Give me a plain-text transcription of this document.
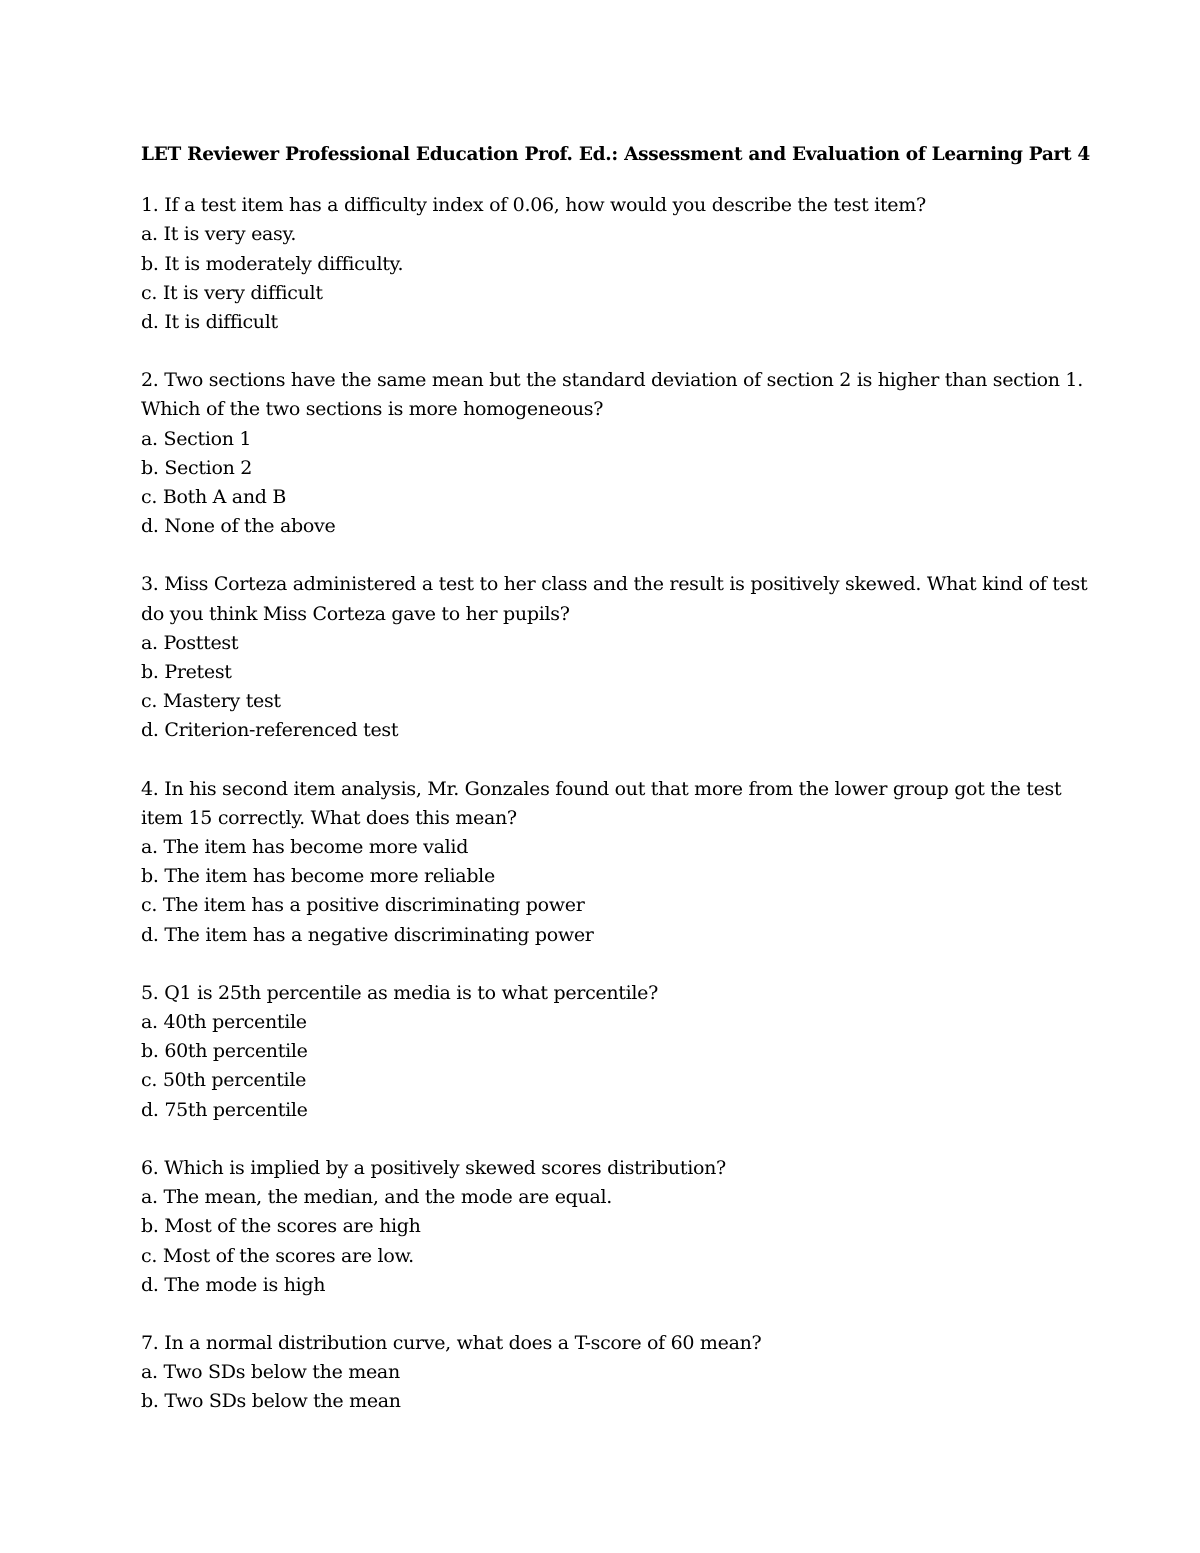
LET Reviewer Professional Education Prof. Ed.: Assessment and Evaluation of Learning Part 4

1. If a test item has a difficulty index of 0.06, how would you describe the test item?

a. It is very easy.

b. It is moderately difficulty.

c. It is very difficult

d. It is difficult

2. Two sections have the same mean but the standard deviation of section 2 is higher than section 1. Which of the two sections is more homogeneous?

a. Section 1

b. Section 2

c. Both A and B

d. None of the above

3. Miss Corteza administered a test to her class and the result is positively skewed. What kind of test do you think Miss Corteza gave to her pupils?

a. Posttest

b. Pretest

c. Mastery test

d. Criterion-referenced test

4. In his second item analysis, Mr. Gonzales found out that more from the lower group got the test item 15 correctly. What does this mean?

a. The item has become more valid

b. The item has become more reliable

c. The item has a positive discriminating power

d. The item has a negative discriminating power

5. Q1 is 25th percentile as media is to what percentile?

a. 40th percentile

b. 60th percentile

c. 50th percentile

d. 75th percentile

6. Which is implied by a positively skewed scores distribution?

a. The mean, the median, and the mode are equal.

b. Most of the scores are high

c. Most of the scores are low.

d. The mode is high

7. In a normal distribution curve, what does a T-score of 60 mean?

a. Two SDs below the mean

b. Two SDs below the mean
